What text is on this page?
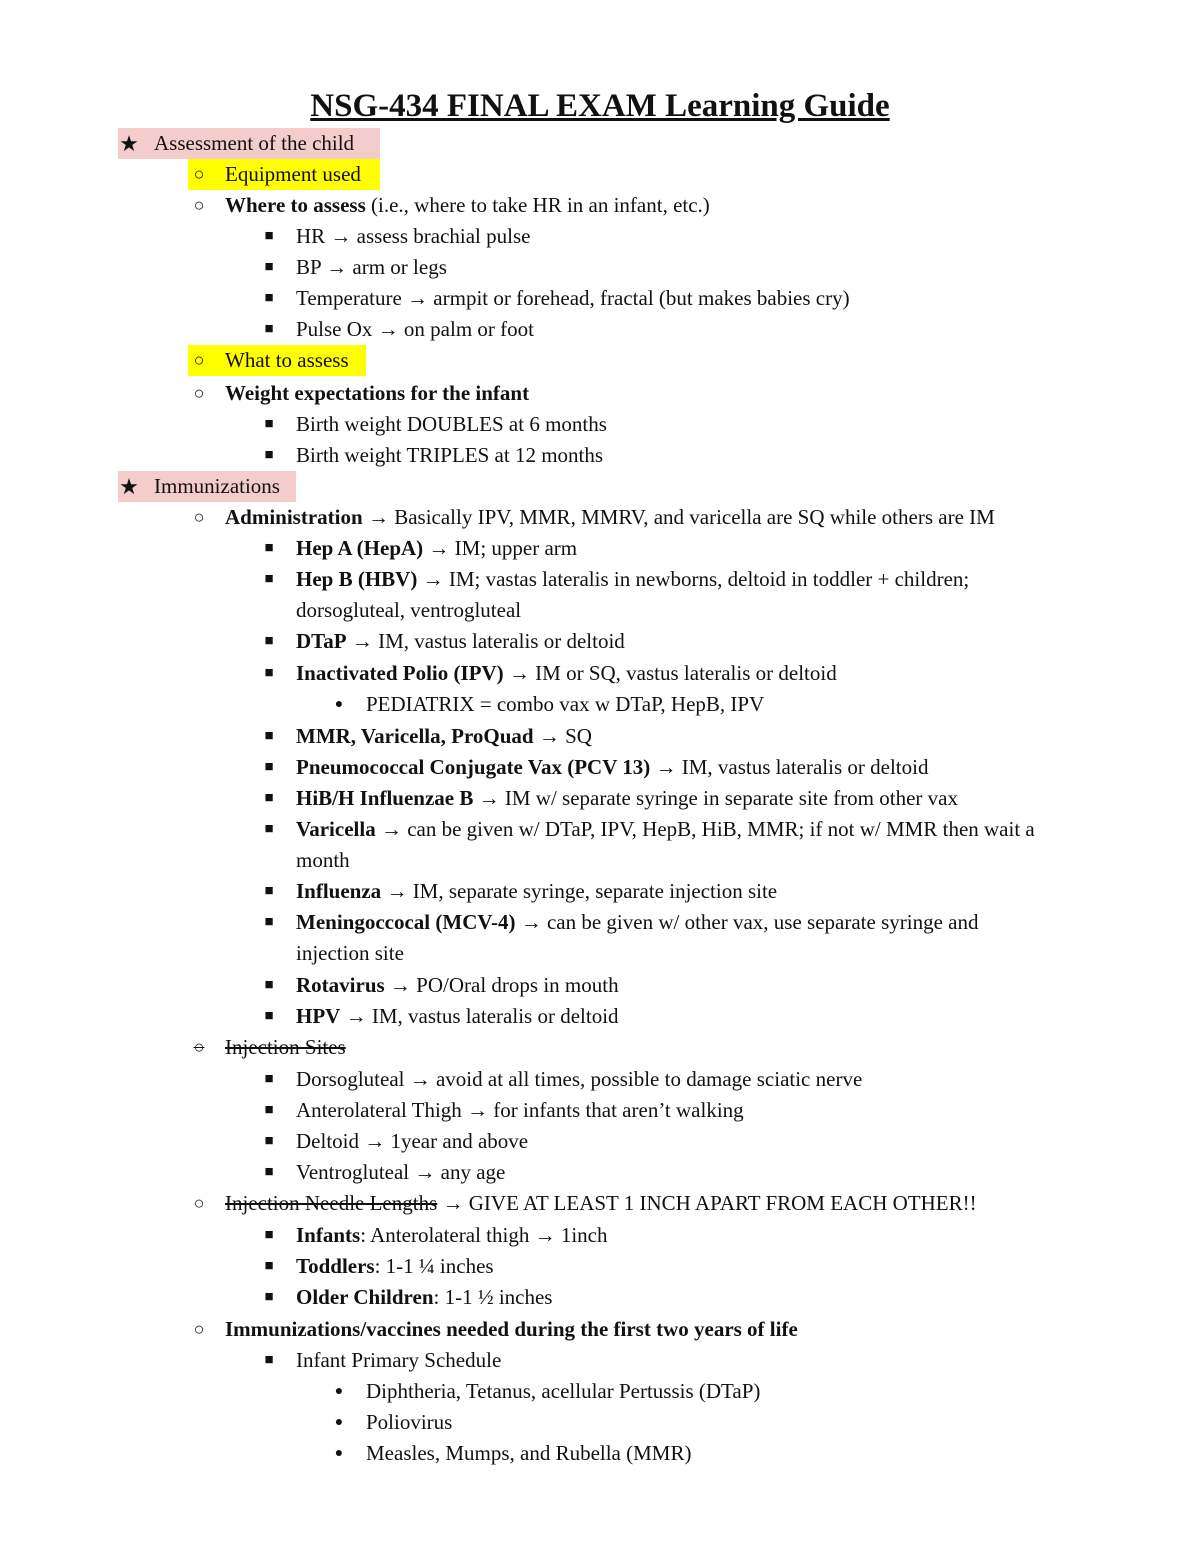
NSG-434 FINAL EXAM Learning Guide
★ Assessment of the child
○ Equipment used
○ Where to assess (i.e., where to take HR in an infant, etc.)
■	HR → assess brachial pulse
■	BP → arm or legs
■	Temperature → armpit or forehead, fractal (but makes babies cry)
■	Pulse Ox → on palm or foot
○ What to assess
○ Weight expectations for the infant
■	Birth weight DOUBLES at 6 months
■	Birth weight TRIPLES at 12 months
★ Immunizations
○ Administration → Basically IPV, MMR, MMRV, and varicella are SQ while others are IM
■	Hep A (HepA) → IM; upper arm
■	Hep B (HBV) → IM; vastas lateralis in newborns, deltoid in toddler + children;
dorsogluteal, ventrogluteal
■	DTaP → IM, vastus lateralis or deltoid
■	Inactivated Polio (IPV) → IM or SQ, vastus lateralis or deltoid
●	PEDIATRIX = combo vax w DTaP, HepB, IPV
■	MMR, Varicella, ProQuad → SQ
■	Pneumococcal Conjugate Vax (PCV 13) → IM, vastus lateralis or deltoid
■	HiB/H Influenzae B → IM w/ separate syringe in separate site from other vax
■	Varicella → can be given w/ DTaP, IPV, HepB, HiB, MMR; if not w/ MMR then wait a
month
■	Influenza → IM, separate syringe, separate injection site
■	Meningoccocal (MCV-4) → can be given w/ other vax, use separate syringe and
injection site
■	Rotavirus → PO/Oral drops in mouth
■	HPV → IM, vastus lateralis or deltoid
○ Injection Sites
■	Dorsogluteal → avoid at all times, possible to damage sciatic nerve
■	Anterolateral Thigh → for infants that aren’t walking
■	Deltoid → 1year and above
■	Ventrogluteal → any age
○ Injection Needle Lengths → GIVE AT LEAST 1 INCH APART FROM EACH OTHER!!
■	Infants: Anterolateral thigh → 1inch
■	Toddlers: 1-1 ¼ inches
■	Older Children: 1-1 ½ inches
○ Immunizations/vaccines needed during the first two years of life
■	Infant Primary Schedule
●	Diphtheria, Tetanus, acellular Pertussis (DTaP)
●	Poliovirus
●	Measles, Mumps, and Rubella (MMR)
